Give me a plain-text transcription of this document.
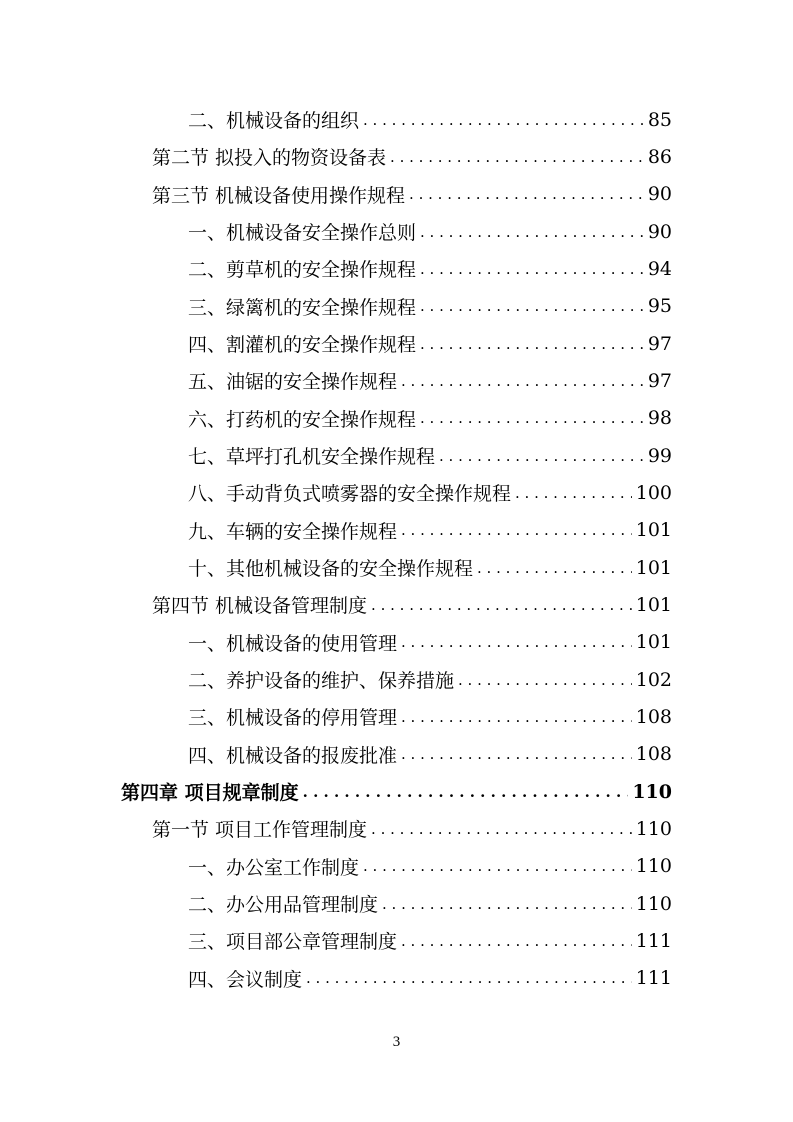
二、机械设备的组织 . . .	85
第二节 拟投入的物资设备表 . . .	86
第三节 机械设备使用操作规程 . . .	90
一、机械设备安全操作总则 . . .	90
二、剪草机的安全操作规程 . . .	94
三、绿篱机的安全操作规程 . . .	95
四、割灌机的安全操作规程 . . .	97
五、油锯的安全操作规程 . . .	97
六、打药机的安全操作规程 . . .	98
七、草坪打孔机安全操作规程 . . .	99
八、手动背负式喷雾器的安全操作规程 . . .	100
九、车辆的安全操作规程 . . .	101
十、其他机械设备的安全操作规程 . . .	101
第四节 机械设备管理制度 . . .	101
一、机械设备的使用管理 . . .	101
二、养护设备的维护、保养措施 . . .	102
三、机械设备的停用管理 . . .	108
四、机械设备的报废批准 . . .	108
第四章 项目规章制度 . . .	110
第一节 项目工作管理制度 . . .	110
一、办公室工作制度 . . .	110
二、办公用品管理制度 . . .	110
三、项目部公章管理制度 . . .	111
四、会议制度 . . .	111
3
